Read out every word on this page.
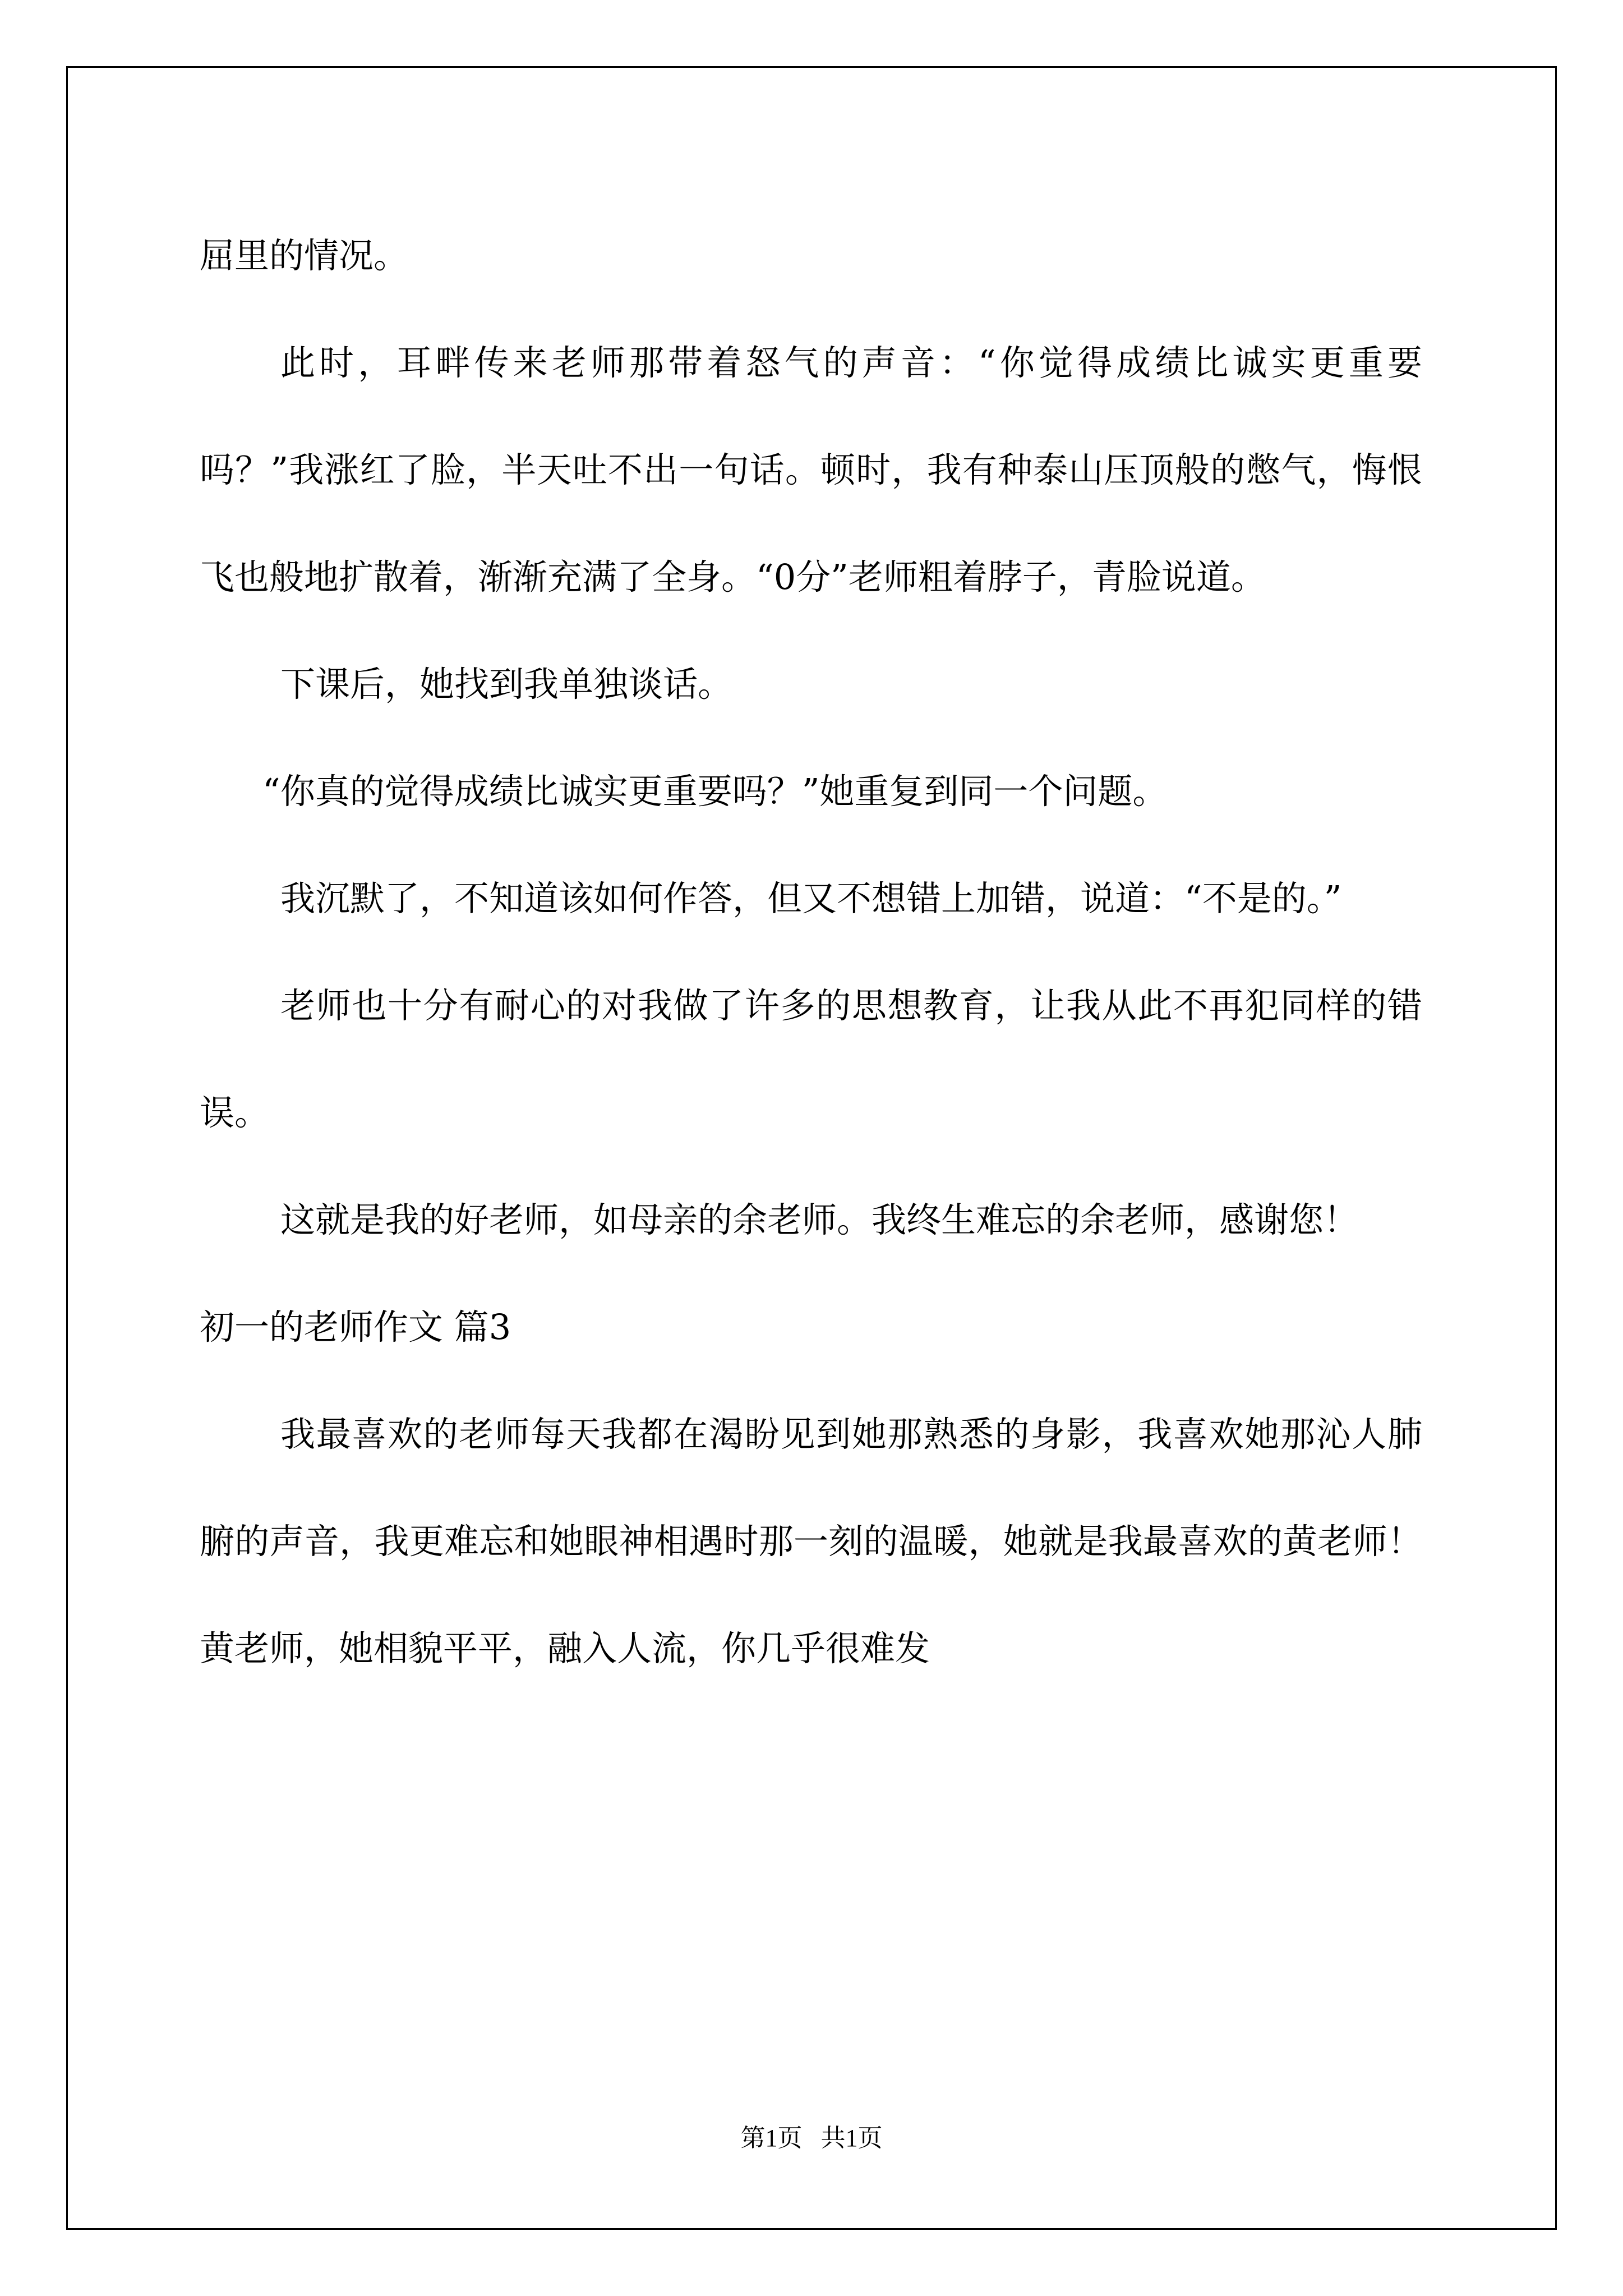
屈里的情况。

此时，耳畔传来老师那带着怒气的声音：“你觉得成绩比诚实更重要吗？”我涨红了脸，半天吐不出一句话。顿时，我有种泰山压顶般的憋气，悔恨飞也般地扩散着，渐渐充满了全身。“0分”老师粗着脖子，青脸说道。

下课后，她找到我单独谈话。

“你真的觉得成绩比诚实更重要吗？”她重复到同一个问题。

我沉默了，不知道该如何作答，但又不想错上加错，说道：“不是的。”

老师也十分有耐心的对我做了许多的思想教育，让我从此不再犯同样的错误。

这就是我的好老师，如母亲的余老师。我终生难忘的余老师，感谢您！

初一的老师作文 篇3

我最喜欢的老师每天我都在渴盼见到她那熟悉的身影，我喜欢她那沁人肺腑的声音，我更难忘和她眼神相遇时那一刻的温暖，她就是我最喜欢的黄老师！黄老师，她相貌平平，融入人流，你几乎很难发

第1页   共1页
